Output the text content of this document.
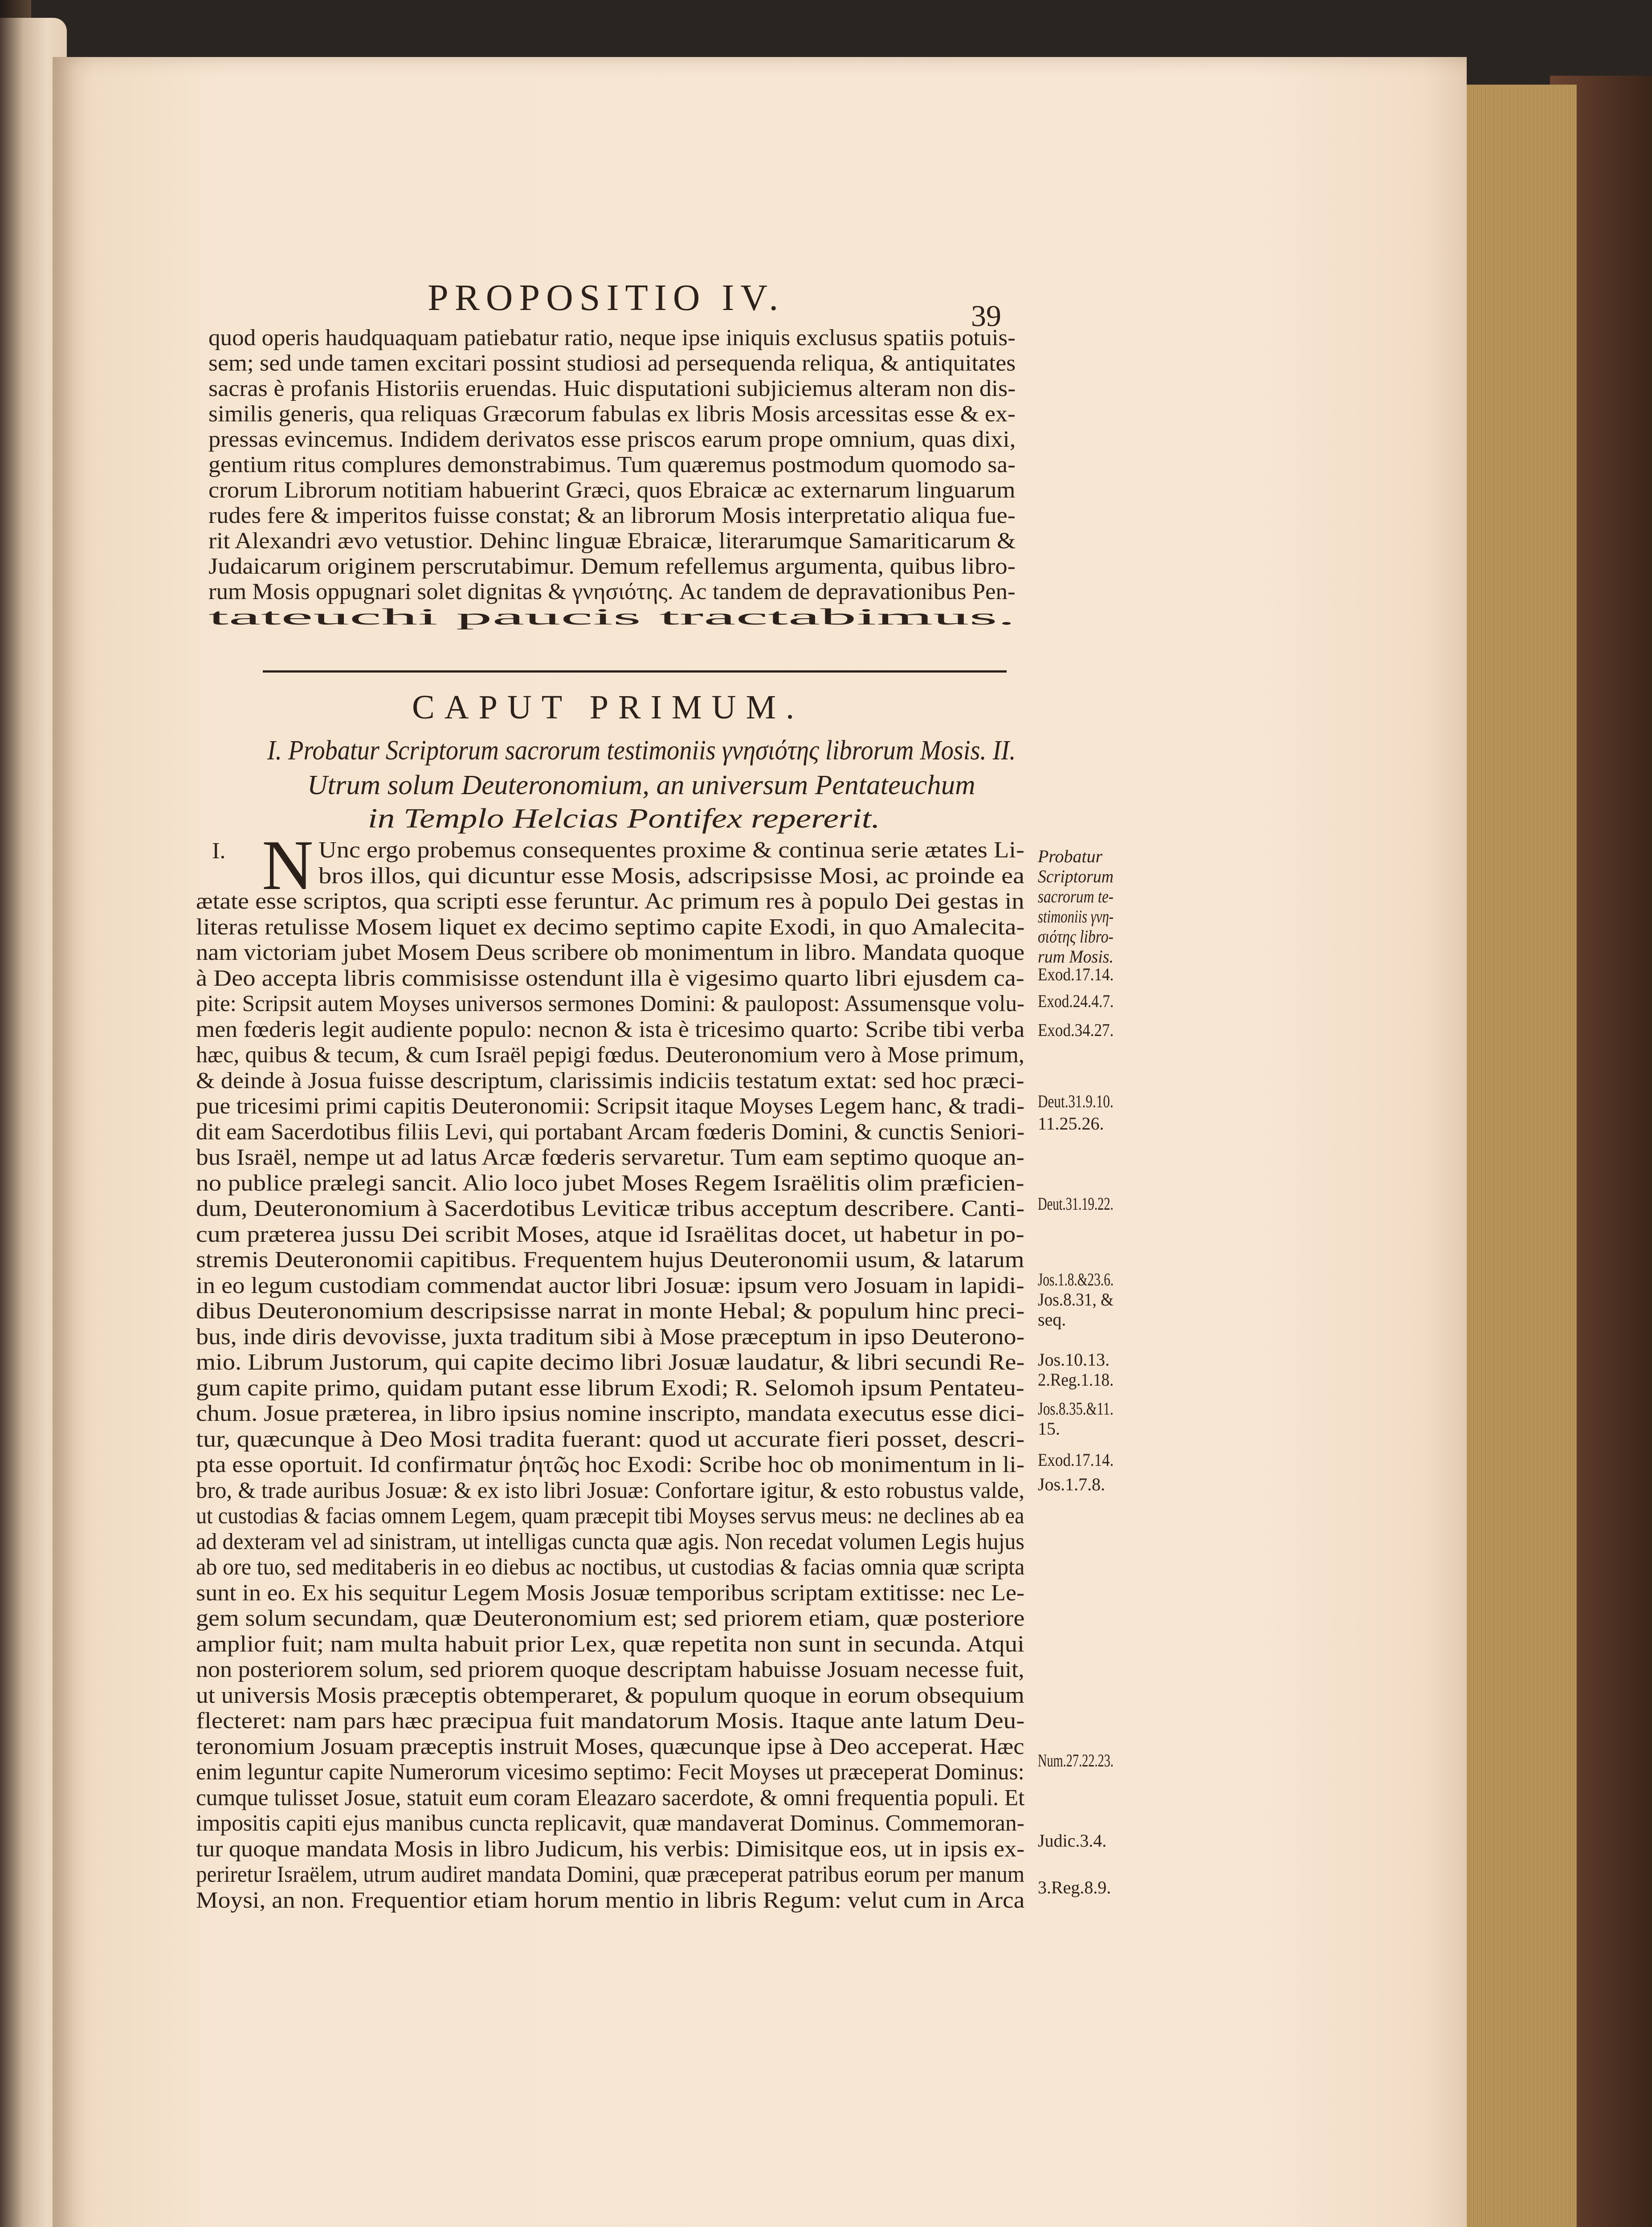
PROPOSITIO IV.	39
quod operis haudquaquam patiebatur ratio, neque ipse iniquis exclusus spatiis potuis-
sem; sed unde tamen excitari possint studiosi ad persequenda reliqua, & antiquitates
sacras è profanis Historiis eruendas. Huic disputationi subjiciemus alteram non dis-
similis generis, qua reliquas Græcorum fabulas ex libris Mosis arcessitas esse & ex-
pressas evincemus. Indidem derivatos esse priscos earum prope omnium, quas dixi,
gentium ritus complures demonstrabimus. Tum quæremus postmodum quomodo sa-
crorum Librorum notitiam habuerint Græci, quos Ebraicæ ac externarum linguarum
rudes fere & imperitos fuisse constat; & an librorum Mosis interpretatio aliqua fue-
rit Alexandri ævo vetustior. Dehinc linguæ Ebraicæ, literarumque Samariticarum &
Judaicarum originem perscrutabimur. Demum refellemus argumenta, quibus libro-
rum Mosis oppugnari solet dignitas & γνησιότης. Ac tandem de depravationibus Pen-
tateuchi paucis tractabimus.
CAPUT PRIMUM.
I. Probatur Scriptorum sacrorum testimoniis γνησιότης librorum Mosis. II.
Utrum solum Deuteronomium, an universum Pentateuchum
in Templo Helcias Pontifex repererit.
Unc ergo probemus consequentes proxime & continua serie ætates Li-
bros illos, qui dicuntur esse Mosis, adscripsisse Mosi, ac proinde ea
ætate esse scriptos, qua scripti esse feruntur. Ac primum res à populo Dei gestas in
literas retulisse Mosem liquet ex decimo septimo capite Exodi, in quo Amalecita-
nam victoriam jubet Mosem Deus scribere ob monimentum in libro. Mandata quoque
à Deo accepta libris commisisse ostendunt illa è vigesimo quarto libri ejusdem ca-
pite: Scripsit autem Moyses universos sermones Domini: & paulopost: Assumensque volu-
men fœderis legit audiente populo: necnon & ista è tricesimo quarto: Scribe tibi verba
hæc, quibus & tecum, & cum Israël pepigi fœdus. Deuteronomium vero à Mose primum,
& deinde à Josua fuisse descriptum, clarissimis indiciis testatum extat: sed hoc præci-
pue tricesimi primi capitis Deuteronomii: Scripsit itaque Moyses Legem hanc, & tradi-
dit eam Sacerdotibus filiis Levi, qui portabant Arcam fœderis Domini, & cunctis Seniori-
bus Israël, nempe ut ad latus Arcæ fœderis servaretur. Tum eam septimo quoque an-
no publice prælegi sancit. Alio loco jubet Moses Regem Israëlitis olim præficien-
dum, Deuteronomium à Sacerdotibus Leviticæ tribus acceptum describere. Canti-
cum præterea jussu Dei scribit Moses, atque id Israëlitas docet, ut habetur in po-
stremis Deuteronomii capitibus. Frequentem hujus Deuteronomii usum, & latarum
in eo legum custodiam commendat auctor libri Josuæ: ipsum vero Josuam in lapidi-
dibus Deuteronomium descripsisse narrat in monte Hebal; & populum hinc preci-
bus, inde diris devovisse, juxta traditum sibi à Mose præceptum in ipso Deuterono-
mio. Librum Justorum, qui capite decimo libri Josuæ laudatur, & libri secundi Re-
gum capite primo, quidam putant esse librum Exodi; R. Selomoh ipsum Pentateu-
chum. Josue præterea, in libro ipsius nomine inscripto, mandata executus esse dici-
tur, quæcunque à Deo Mosi tradita fuerant: quod ut accurate fieri posset, descri-
pta esse oportuit. Id confirmatur ῥητῶς hoc Exodi: Scribe hoc ob monimentum in li-
bro, & trade auribus Josuæ: & ex isto libri Josuæ: Confortare igitur, & esto robustus valde,
ut custodias & facias omnem Legem, quam præcepit tibi Moyses servus meus: ne declines ab ea
ad dexteram vel ad sinistram, ut intelligas cuncta quæ agis. Non recedat volumen Legis hujus
ab ore tuo, sed meditaberis in eo diebus ac noctibus, ut custodias & facias omnia quæ scripta
sunt in eo. Ex his sequitur Legem Mosis Josuæ temporibus scriptam extitisse: nec Le-
gem solum secundam, quæ Deuteronomium est; sed priorem etiam, quæ posteriore
amplior fuit; nam multa habuit prior Lex, quæ repetita non sunt in secunda. Atqui
non posteriorem solum, sed priorem quoque descriptam habuisse Josuam necesse fuit,
ut universis Mosis præceptis obtemperaret, & populum quoque in eorum obsequium
flecteret: nam pars hæc præcipua fuit mandatorum Mosis. Itaque ante latum Deu-
teronomium Josuam præceptis instruit Moses, quæcunque ipse à Deo acceperat. Hæc
enim leguntur capite Numerorum vicesimo septimo: Fecit Moyses ut præceperat Dominus:
cumque tulisset Josue, statuit eum coram Eleazaro sacerdote, & omni frequentia populi. Et
impositis capiti ejus manibus cuncta replicavit, quæ mandaverat Dominus. Commemoran-
tur quoque mandata Mosis in libro Judicum, his verbis: Dimisitque eos, ut in ipsis ex-
periretur Israëlem, utrum audiret mandata Domini, quæ præceperat patribus eorum per manum
Moysi, an non. Frequentior etiam horum mentio in libris Regum: velut cum in Arca
N
I.	Probatur
Scriptorum
sacrorum te-
stimoniis γνη-
σιότης libro-
rum Mosis.
Exod.17.14.
Exod.24.4.7.
Exod.34.27.
Deut.31.9.10.
11.25.26.
Deut.31.19.22.
Jos.1.8.&23.6.
Jos.8.31, &
seq.
Jos.10.13.
2.Reg.1.18.
Jos.8.35.&11.
15.
Exod.17.14.
Jos.1.7.8.
Num.27.22.23.
Judic.3.4.
3.Reg.8.9.
